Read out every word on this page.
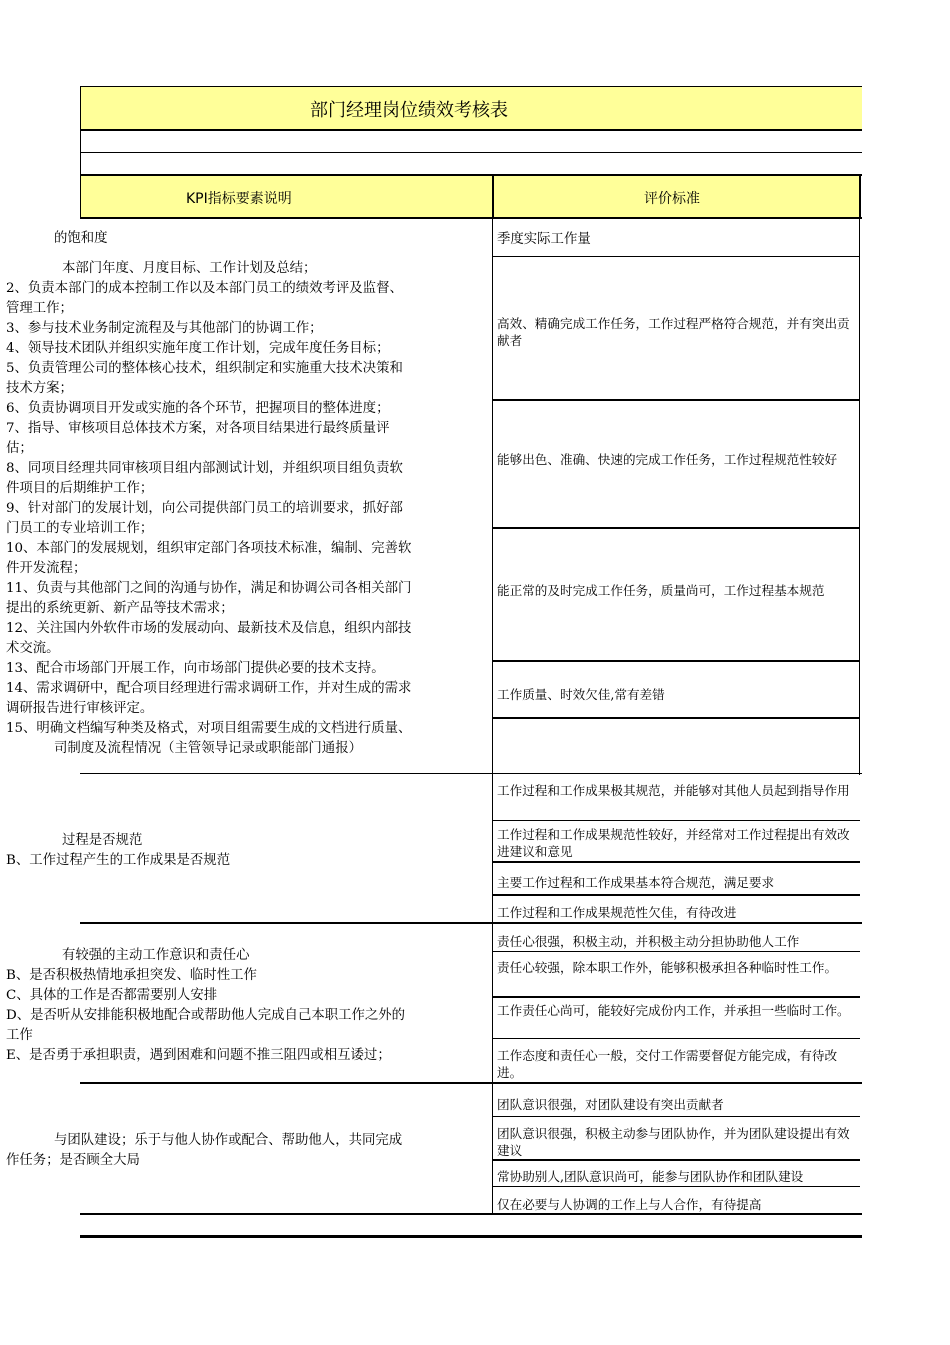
部门经理岗位绩效考核表
KPI指标要素说明	评价标准
的饱和度	季度实际工作量
本部门年度、月度目标、工作计划及总结；
2、负责本部门的成本控制工作以及本部门员工的绩效考评及监督、
管理工作；
3、参与技术业务制定流程及与其他部门的协调工作；
4、领导技术团队并组织实施年度工作计划，完成年度任务目标；
5、负责管理公司的整体核心技术，组织制定和实施重大技术决策和
技术方案；
6、负责协调项目开发或实施的各个环节，把握项目的整体进度；
7、指导、审核项目总体技术方案，对各项目结果进行最终质量评
估；
8、同项目经理共同审核项目组内部测试计划，并组织项目组负责软
件项目的后期维护工作；
9、针对部门的发展计划，向公司提供部门员工的培训要求，抓好部
门员工的专业培训工作；
10、本部门的发展规划，组织审定部门各项技术标准，编制、完善软
件开发流程；
11、负责与其他部门之间的沟通与协作，满足和协调公司各相关部门
提出的系统更新、新产品等技术需求；
12、关注国内外软件市场的发展动向、最新技术及信息，组织内部技
术交流。
13、配合市场部门开展工作，向市场部门提供必要的技术支持。
14、需求调研中，配合项目经理进行需求调研工作，并对生成的需求
调研报告进行审核评定。
15、明确文档编写种类及格式，对项目组需要生成的文档进行质量、
高效、精确完成工作任务，工作过程严格符合规范，并有突出贡献者
能够出色、准确、快速的完成工作任务，工作过程规范性较好
能正常的及时完成工作任务，质量尚可，工作过程基本规范
工作质量、时效欠佳,常有差错
司制度及流程情况（主管领导记录或职能部门通报）
过程是否规范
B、工作过程产生的工作成果是否规范
工作过程和工作成果极其规范，并能够对其他人员起到指导作用
工作过程和工作成果规范性较好，并经常对工作过程提出有效改进建议和意见
主要工作过程和工作成果基本符合规范，满足要求
工作过程和工作成果规范性欠佳，有待改进
有较强的主动工作意识和责任心
B、是否积极热情地承担突发、临时性工作
C、具体的工作是否都需要别人安排
D、是否听从安排能积极地配合或帮助他人完成自己本职工作之外的
工作
E、是否勇于承担职责，遇到困难和问题不推三阻四或相互诿过；
责任心很强，积极主动，并积极主动分担协助他人工作
责任心较强，除本职工作外，能够积极承担各种临时性工作。
工作责任心尚可，能较好完成份内工作，并承担一些临时工作。
工作态度和责任心一般，交付工作需要督促方能完成，有待改进。
与团队建设；乐于与他人协作或配合、帮助他人，共同完成
作任务；是否顾全大局
团队意识很强，对团队建设有突出贡献者
团队意识很强，积极主动参与团队协作，并为团队建设提出有效建议
常协助别人,团队意识尚可，能参与团队协作和团队建设
仅在必要与人协调的工作上与人合作，有待提高
